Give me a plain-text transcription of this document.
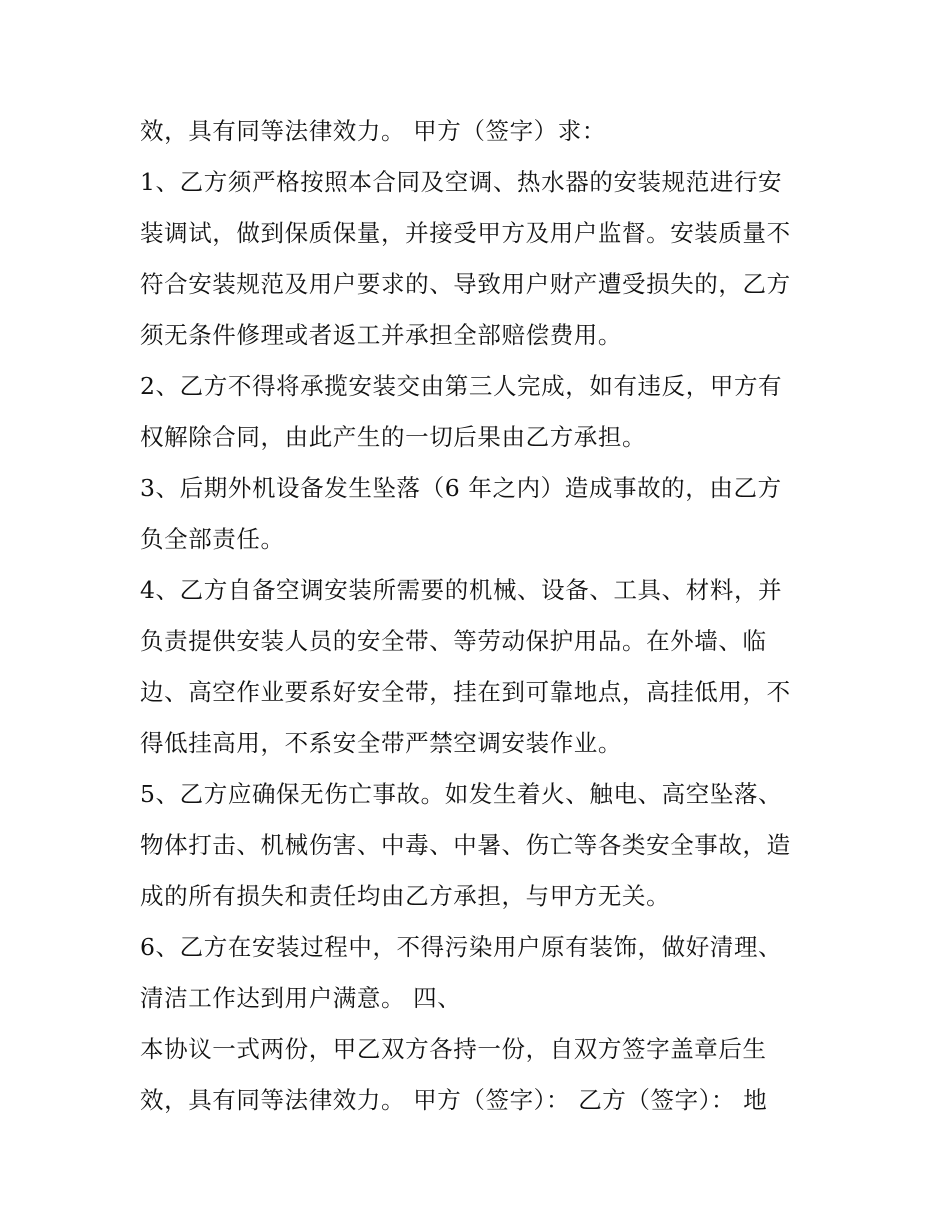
效，具有同等法律效力。 甲方（签字）求：
1、乙方须严格按照本合同及空调、热水器的安装规范进行安
装调试，做到保质保量，并接受甲方及用户监督。安装质量不
符合安装规范及用户要求的、导致用户财产遭受损失的，乙方
须无条件修理或者返工并承担全部赔偿费用。
2、乙方不得将承揽安装交由第三人完成，如有违反，甲方有
权解除合同，由此产生的一切后果由乙方承担。
3、后期外机设备发生坠落（6 年之内）造成事故的，由乙方
负全部责任。
4、乙方自备空调安装所需要的机械、设备、工具、材料，并
负责提供安装人员的安全带、等劳动保护用品。在外墙、临
边、高空作业要系好安全带，挂在到可靠地点，高挂低用，不
得低挂高用，不系安全带严禁空调安装作业。
5、乙方应确保无伤亡事故。如发生着火、触电、高空坠落、
物体打击、机械伤害、中毒、中暑、伤亡等各类安全事故，造
成的所有损失和责任均由乙方承担，与甲方无关。
6、乙方在安装过程中，不得污染用户原有装饰，做好清理、
清洁工作达到用户满意。 四、
本协议一式两份，甲乙双方各持一份，自双方签字盖章后生
效，具有同等法律效力。 甲方（签字）： 乙方（签字）： 地
